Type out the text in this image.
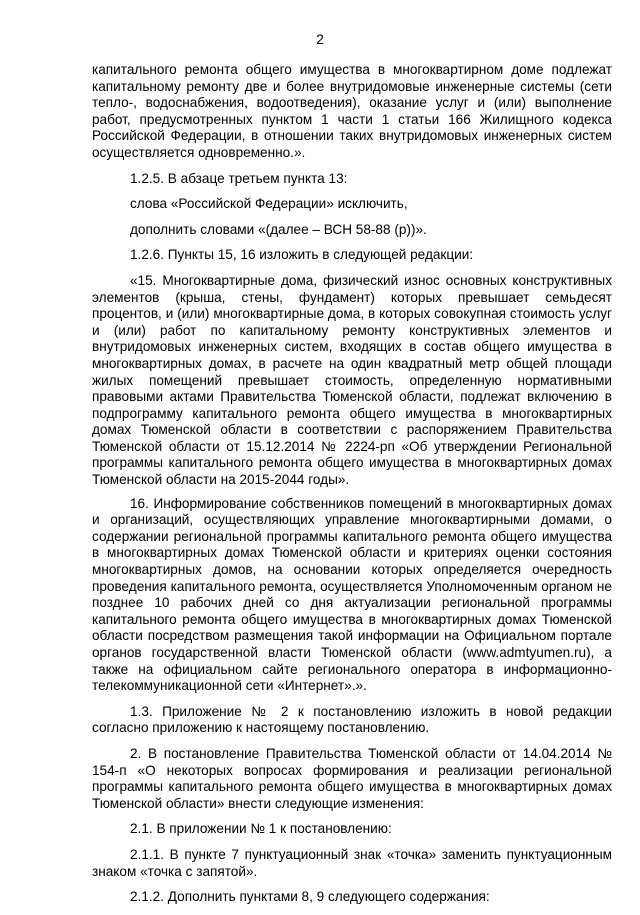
2

капитального ремонта общего имущества в многоквартирном доме подлежат капитальному ремонту две и более внутридомовые инженерные системы (сети тепло-, водоснабжения, водоотведения), оказание услуг и (или) выполнение работ, предусмотренных пунктом 1 части 1 статьи 166 Жилищного кодекса Российской Федерации, в отношении таких внутридомовых инженерных систем осуществляется одновременно.».

1.2.5. В абзаце третьем пункта 13:

слова «Российской Федерации» исключить,

дополнить словами «(далее – ВСН 58-88 (р))».

1.2.6. Пункты 15, 16 изложить в следующей редакции:

«15. Многоквартирные дома, физический износ основных конструктивных элементов (крыша, стены, фундамент) которых превышает семьдесят процентов, и (или) многоквартирные дома, в которых совокупная стоимость услуг и (или) работ по капитальному ремонту конструктивных элементов и внутридомовых инженерных систем, входящих в состав общего имущества в многоквартирных домах, в расчете на один квадратный метр общей площади жилых помещений превышает стоимость, определенную нормативными правовыми актами Правительства Тюменской области, подлежат включению в подпрограмму капитального ремонта общего имущества в многоквартирных домах Тюменской области в соответствии с распоряжением Правительства Тюменской области от 15.12.2014 № 2224-рп «Об утверждении Региональной программы капитального ремонта общего имущества в многоквартирных домах Тюменской области на 2015-2044 годы».

16. Информирование собственников помещений в многоквартирных домах и организаций, осуществляющих управление многоквартирными домами, о содержании региональной программы капитального ремонта общего имущества в многоквартирных домах Тюменской области и критериях оценки состояния многоквартирных домов, на основании которых определяется очередность проведения капитального ремонта, осуществляется Уполномоченным органом не позднее 10 рабочих дней со дня актуализации региональной программы капитального ремонта общего имущества в многоквартирных домах Тюменской области посредством размещения такой информации на Официальном портале органов государственной власти Тюменской области (www.admtyumen.ru), а также на официальном сайте регионального оператора в информационно-телекоммуникационной сети «Интернет».».

1.3. Приложение № 2 к постановлению изложить в новой редакции согласно приложению к настоящему постановлению.

2. В постановление Правительства Тюменской области от 14.04.2014 № 154-п «О некоторых вопросах формирования и реализации региональной программы капитального ремонта общего имущества в многоквартирных домах Тюменской области» внести следующие изменения:

2.1. В приложении № 1 к постановлению:

2.1.1. В пункте 7 пунктуационный знак «точка» заменить пунктуационным знаком «точка с запятой».

2.1.2. Дополнить пунктами 8, 9 следующего содержания:
